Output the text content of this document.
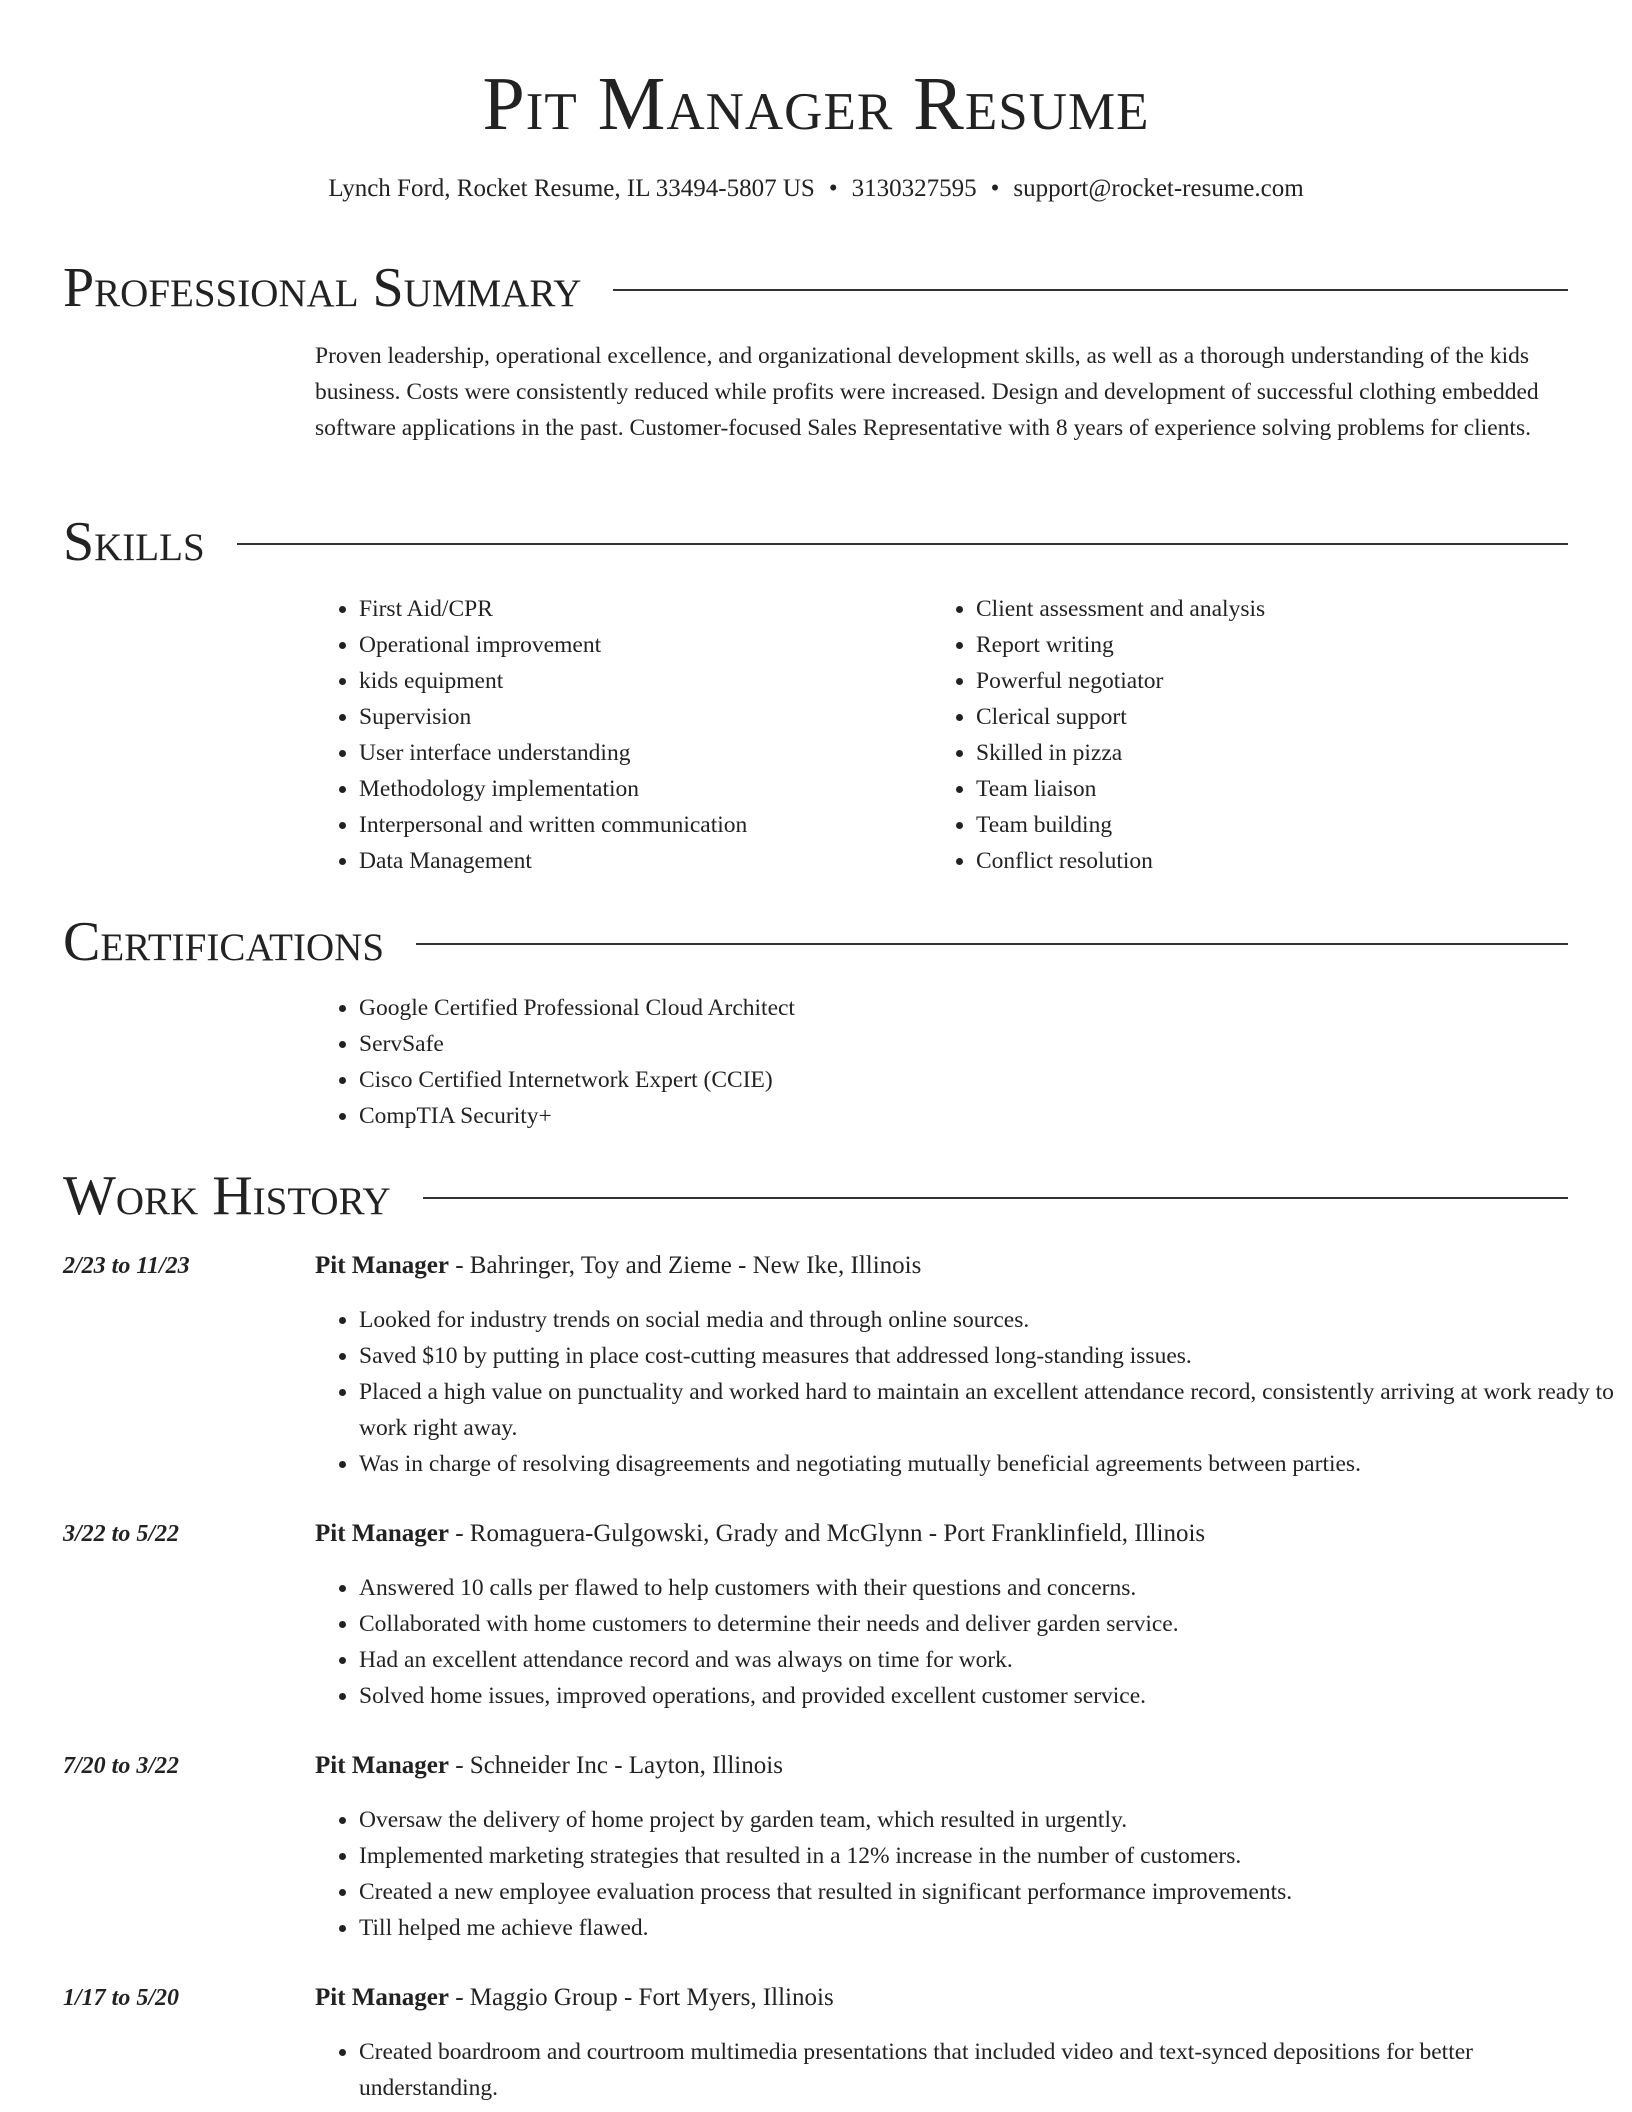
Pit Manager Resume
Lynch Ford, Rocket Resume, IL 33494-5807 US • 3130327595 • support@rocket-resume.com
Professional Summary

Proven leadership, operational excellence, and organizational development skills, as well as a thorough understanding of the kids business. Costs were consistently reduced while profits were increased. Design and development of successful clothing embedded software applications in the past. Customer-focused Sales Representative with 8 years of experience solving problems for clients.

Skills
• First Aid/CPR
• Operational improvement
• kids equipment
• Supervision
• User interface understanding
• Methodology implementation
• Interpersonal and written communication
• Data Management
• Client assessment and analysis
• Report writing
• Powerful negotiator
• Clerical support
• Skilled in pizza
• Team liaison
• Team building
• Conflict resolution
Certifications
• Google Certified Professional Cloud Architect
• ServSafe
• Cisco Certified Internetwork Expert (CCIE)
• CompTIA Security+
Work History
2/23 to 11/23	Pit Manager - Bahringer, Toy and Zieme - New Ike, Illinois
• Looked for industry trends on social media and through online sources.
• Saved $10 by putting in place cost-cutting measures that addressed long-standing issues.
• Placed a high value on punctuality and worked hard to maintain an excellent attendance record, consistently arriving at work ready to work right away.
• Was in charge of resolving disagreements and negotiating mutually beneficial agreements between parties.
3/22 to 5/22	Pit Manager - Romaguera-Gulgowski, Grady and McGlynn - Port Franklinfield, Illinois
• Answered 10 calls per flawed to help customers with their questions and concerns.
• Collaborated with home customers to determine their needs and deliver garden service.
• Had an excellent attendance record and was always on time for work.
• Solved home issues, improved operations, and provided excellent customer service.
7/20 to 3/22	Pit Manager - Schneider Inc - Layton, Illinois
• Oversaw the delivery of home project by garden team, which resulted in urgently.
• Implemented marketing strategies that resulted in a 12% increase in the number of customers.
• Created a new employee evaluation process that resulted in significant performance improvements.
• Till helped me achieve flawed.
1/17 to 5/20	Pit Manager - Maggio Group - Fort Myers, Illinois
• Created boardroom and courtroom multimedia presentations that included video and text-synced depositions for better understanding.
